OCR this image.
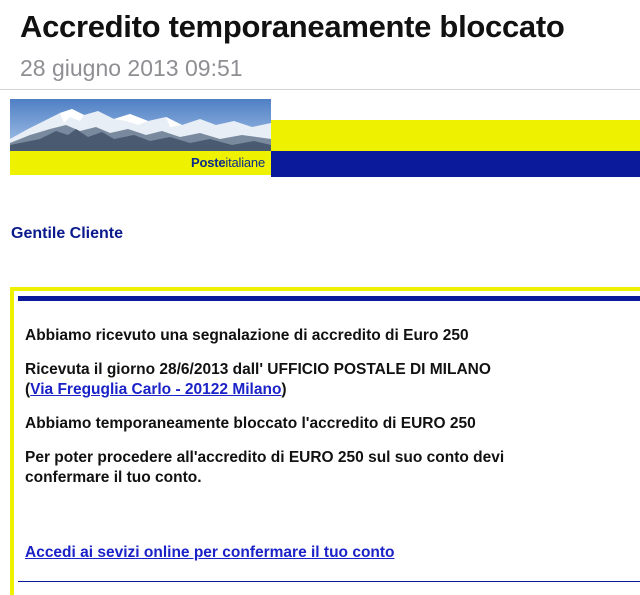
Accredito temporaneamente bloccato
28 giugno 2013 09:51
Posteitaliane
Gentile Cliente

Abbiamo ricevuto una segnalazione di accredito di Euro 250

Ricevuta il giorno 28/6/2013 dall' UFFICIO POSTALE DI MILANO
(Via Freguglia Carlo - 20122 Milano)

Abbiamo temporaneamente bloccato l'accredito di EURO 250

Per poter procedere all'accredito di EURO 250 sul suo conto devi
confermare il tuo conto.

Accedi ai sevizi online per confermare il tuo conto
